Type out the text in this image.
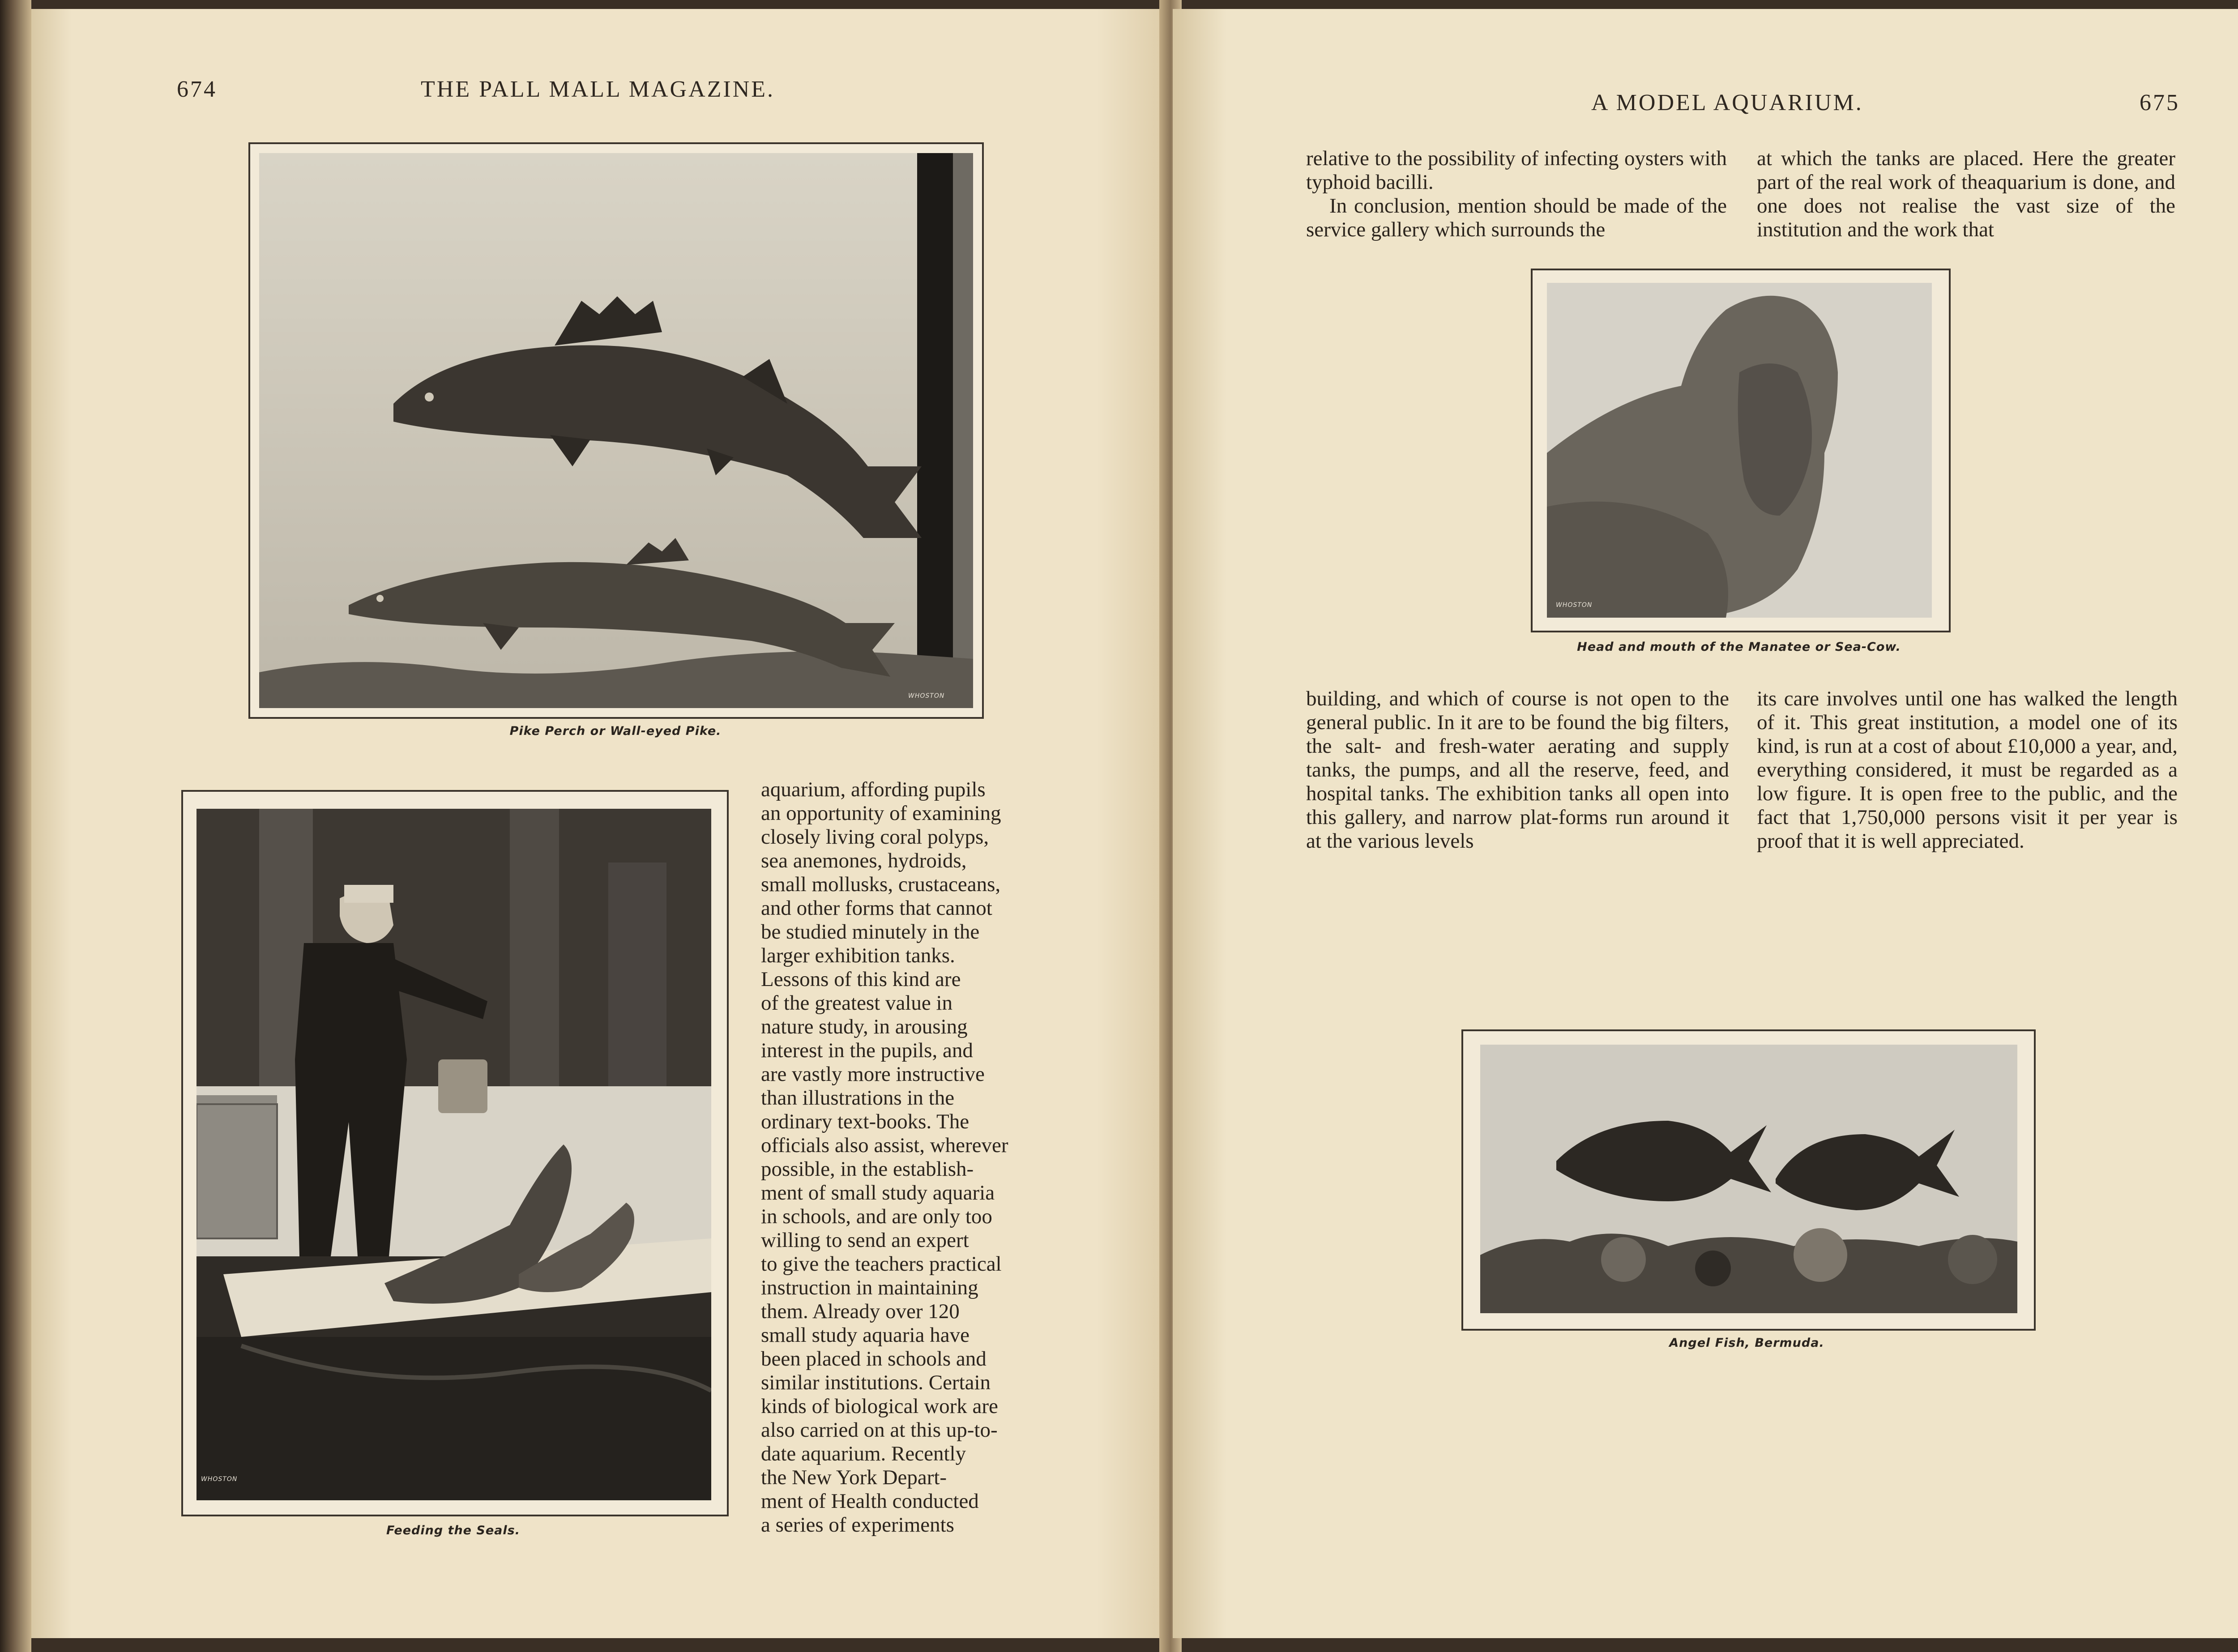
674	THE PALL MALL MAGAZINE.
WHOSTON
Pike Perch or Wall-eyed Pike.
WHOSTON
Feeding the Seals.
aquarium, affording pupils
an opportunity of examining
closely living coral polyps,
sea anemones, hydroids,
small mollusks, crustaceans,
and other forms that cannot
be studied minutely in the
larger exhibition tanks.
Lessons of this kind are
of the greatest value in
nature study, in arousing
interest in the pupils, and
are vastly more instructive
than illustrations in the
ordinary text-books. The
officials also assist, wherever
possible, in the establish-
ment of small study aquaria
in schools, and are only too
willing to send an expert
to give the teachers practical
instruction in maintaining
them. Already over 120
small study aquaria have
been placed in schools and
similar institutions. Certain
kinds of biological work are
also carried on at this up-to-
date aquarium. Recently
the New York Depart-
ment of Health conducted
a series of experiments
A MODEL AQUARIUM.	675

relative to the possibility of infecting oysters with typhoid bacilli.

In conclusion, mention should be made of the service gallery which surrounds the

at which the tanks are placed. Here the greater part of the real work of theaquarium is done, and one does not realise the vast size of the institution and the work that

WHOSTON
Head and mouth of the Manatee or Sea-Cow.

building, and which of course is not open to the general public. In it are to be found the big filters, the salt- and fresh-water aerating and supply tanks, the pumps, and all the reserve, feed, and hospital tanks. The exhibition tanks all open into this gallery, and narrow plat-forms run around it at the various levels

its care involves until one has walked the length of it. This great institution, a model one of its kind, is run at a cost of about £10,000 a year, and, everything considered, it must be regarded as a low figure. It is open free to the public, and the fact that 1,750,000 persons visit it per year is proof that it is well appreciated.

Angel Fish, Bermuda.
